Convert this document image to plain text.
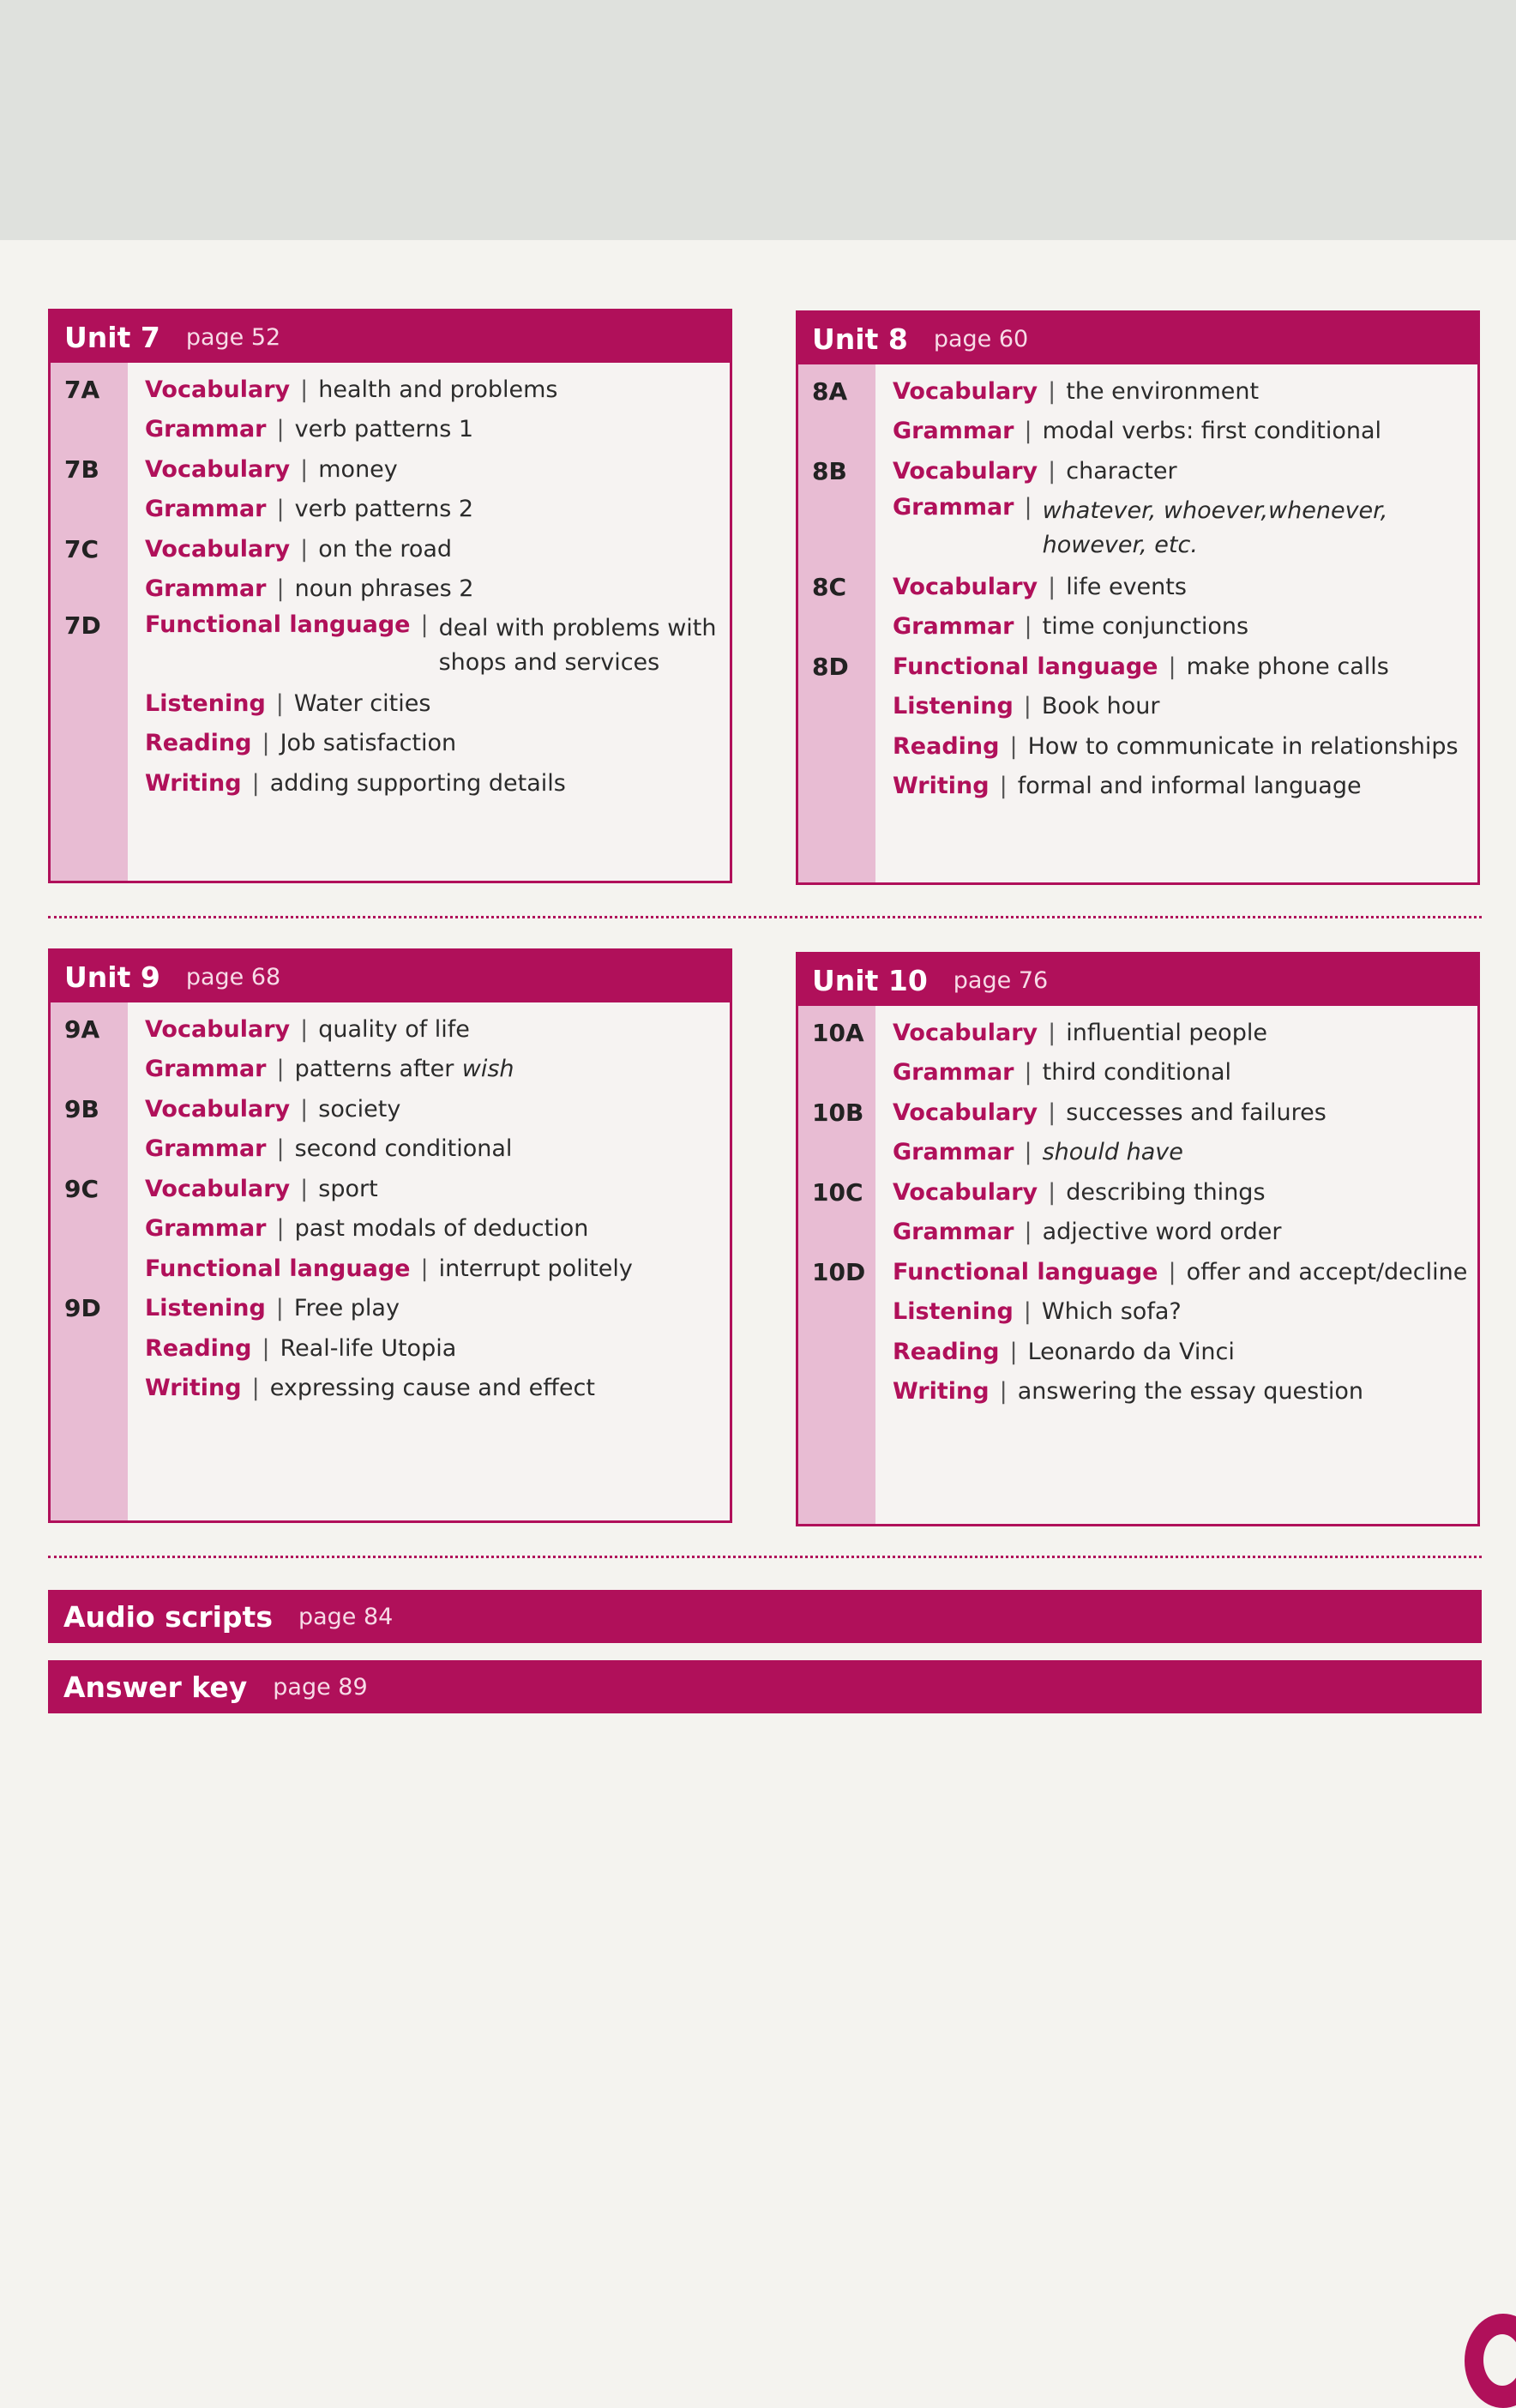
Unit 7 page 52
7A	Vocabulary | health and problems
Grammar | verb patterns 1
7B	Vocabulary | money
Grammar | verb patterns 2
7C	Vocabulary | on the road
Grammar | noun phrases 2
7D	Functional language | deal with problems with
shops and services
Listening | Water cities
Reading | Job satisfaction
Writing | adding supporting details
Unit 8 page 60
8A	Vocabulary | the environment
Grammar | modal verbs: first conditional
8B	Vocabulary | character
Grammar | whatever, whoever,whenever,
however, etc.
8C	Vocabulary | life events
Grammar | time conjunctions
8D	Functional language | make phone calls
Listening | Book hour
Reading | How to communicate in relationships
Writing | formal and informal language
Unit 9 page 68
9A	Vocabulary | quality of life
Grammar | patterns after wish
9B	Vocabulary | society
Grammar | second conditional
9C	Vocabulary | sport
Grammar | past modals of deduction
Functional language | interrupt politely
9D	Listening | Free play
Reading | Real-life Utopia
Writing | expressing cause and effect
Unit 10 page 76
10A	Vocabulary | influential people
Grammar | third conditional
10B	Vocabulary | successes and failures
Grammar | should have
10C	Vocabulary | describing things
Grammar | adjective word order
10D	Functional language | offer and accept/decline
Listening | Which sofa?
Reading | Leonardo da Vinci
Writing | answering the essay question
Audio scripts page 84
Answer key page 89
